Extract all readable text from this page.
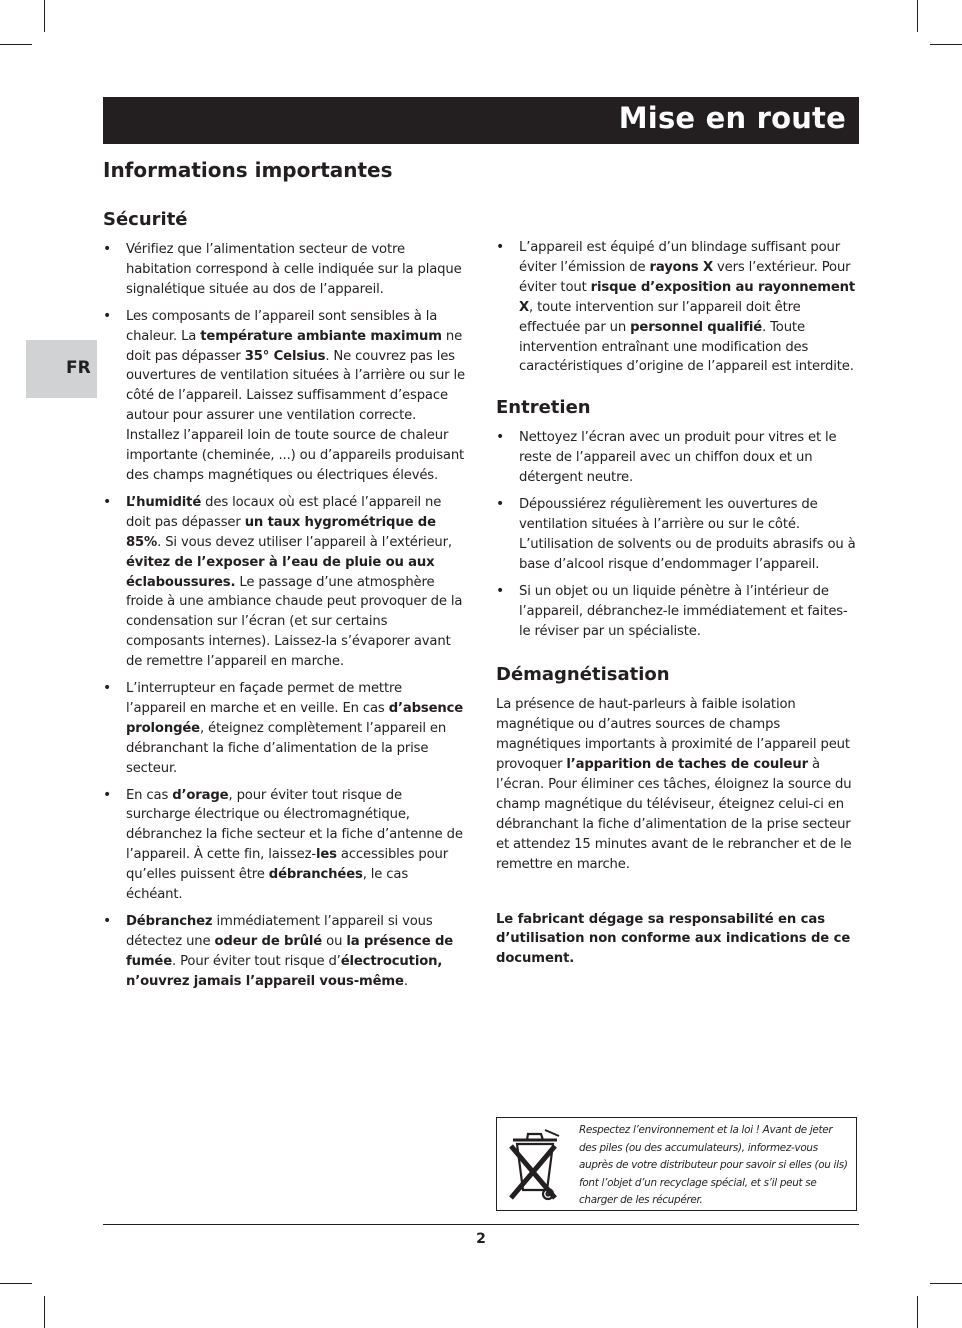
Mise en route
Informations importantes
FR
Sécurité
• Vérifiez que l’alimentation secteur de votre habitation correspond à celle indiquée sur la plaque signalétique située au dos de l’appareil.
• Les composants de l’appareil sont sensibles à la chaleur. La température ambiante maximum ne doit pas dépasser 35° Celsius. Ne couvrez pas les ouvertures de ventilation situées à l’arrière ou sur le côté de l’appareil. Laissez suffisamment d’espace autour pour assurer une ventilation correcte. Installez l’appareil loin de toute source de chaleur importante (cheminée, ...) ou d’appareils produisant des champs magnétiques ou électriques élevés.
• L’humidité des locaux où est placé l’appareil ne doit pas dépasser un taux hygrométrique de 85%. Si vous devez utiliser l’appareil à l’extérieur, évitez de l’exposer à l’eau de pluie ou aux éclaboussures. Le passage d’une atmosphère froide à une ambiance chaude peut provoquer de la condensation sur l’écran (et sur certains composants internes). Laissez-la s’évaporer avant de remettre l’appareil en marche.
• L’interrupteur en façade permet de mettre l’appareil en marche et en veille. En cas d’absence prolongée, éteignez complètement l’appareil en débranchant la fiche d’alimentation de la prise secteur.
• En cas d’orage, pour éviter tout risque de surcharge électrique ou électromagnétique, débranchez la fiche secteur et la fiche d’antenne de l’appareil. À cette fin, laissez-les accessibles pour qu’elles puissent être débranchées, le cas échéant.
• Débranchez immédiatement l’appareil si vous détectez une odeur de brûlé ou la présence de fumée. Pour éviter tout risque d’électrocution, n’ouvrez jamais l’appareil vous-même.
• L’appareil est équipé d’un blindage suffisant pour éviter l’émission de rayons X vers l’extérieur. Pour éviter tout risque d’exposition au rayonnement X, toute intervention sur l’appareil doit être effectuée par un personnel qualifié. Toute intervention entraînant une modification des caractéristiques d’origine de l’appareil est interdite.
Entretien
• Nettoyez l’écran avec un produit pour vitres et le reste de l’appareil avec un chiffon doux et un détergent neutre.
• Dépoussiérez régulièrement les ouvertures de ventilation situées à l’arrière ou sur le côté. L’utilisation de solvents ou de produits abrasifs ou à base d’alcool risque d’endommager l’appareil.
• Si un objet ou un liquide pénètre à l’intérieur de l’appareil, débranchez-le immédiatement et faites-le réviser par un spécialiste.
Démagnétisation

La présence de haut-parleurs à faible isolation magnétique ou d’autres sources de champs magnétiques importants à proximité de l’appareil peut provoquer l’apparition de taches de couleur à l’écran. Pour éliminer ces tâches, éloignez la source du champ magnétique du téléviseur, éteignez celui-ci en débranchant la fiche d’alimentation de la prise secteur et attendez 15 minutes avant de le rebrancher et de le remettre en marche.

Le fabricant dégage sa responsabilité en cas d’utilisation non conforme aux indications de ce document.

Respectez l’environnement et la loi ! Avant de jeter des piles (ou des accumulateurs), informez-vous auprès de votre distributeur pour savoir si elles (ou ils) font l’objet d’un recyclage spécial, et s’il peut se charger de les récupérer.
2
